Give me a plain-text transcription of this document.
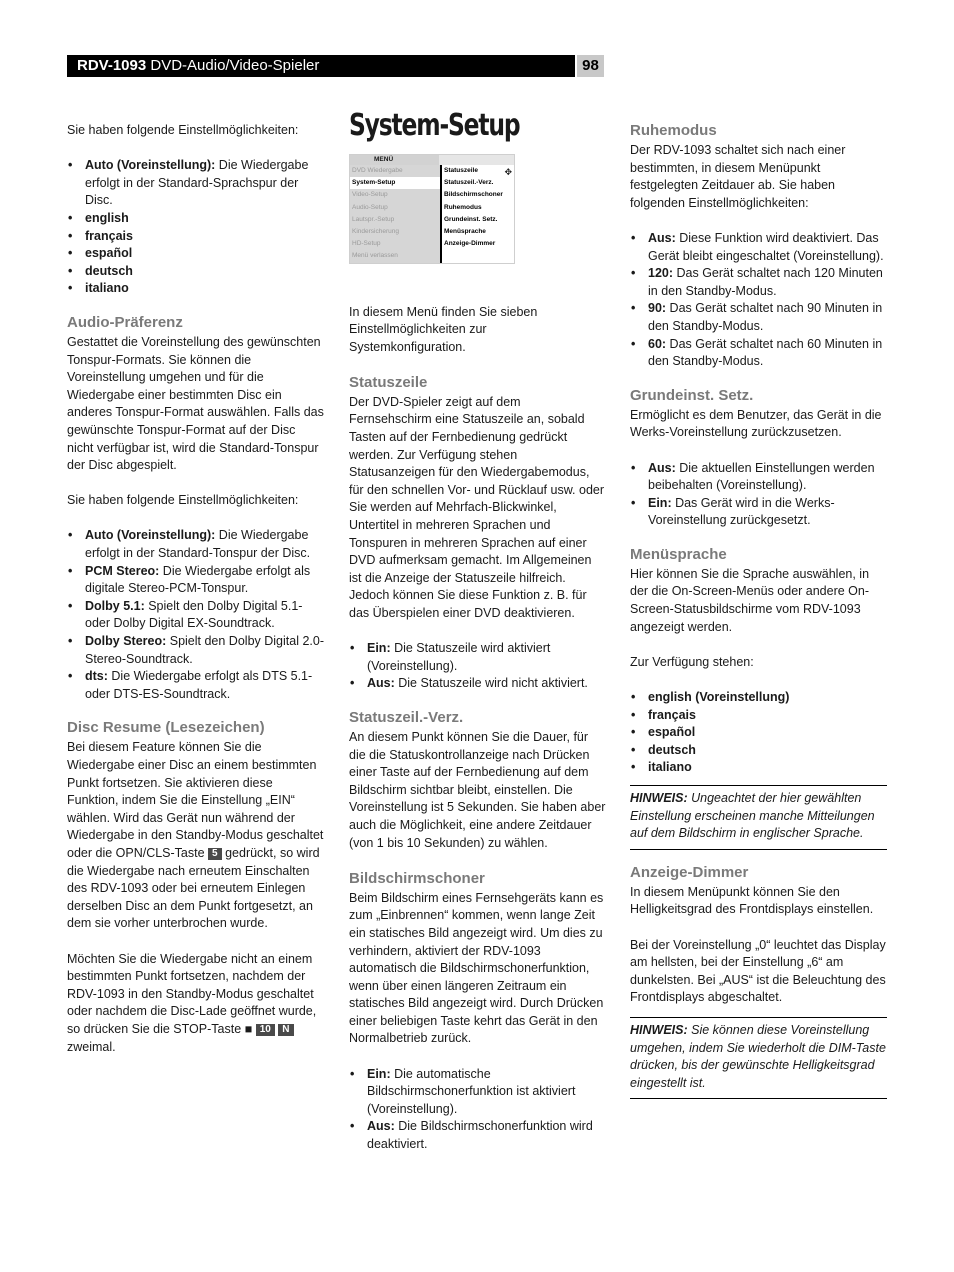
RDV-1093 DVD-Audio/Video-Spieler	98

Sie haben folgende Einstellmöglichkeiten:

• Auto (Voreinstellung): Die Wiedergabe erfolgt in der Standard-Sprachspur der Disc.
• english
• français
• español
• deutsch
• italiano
Audio-Präferenz

Gestattet die Voreinstellung des gewünschten Tonspur-Formats. Sie können die Voreinstellung umgehen und für die Wiedergabe einer bestimmten Disc ein anderes Tonspur-Format auswählen. Falls das gewünschte Tonspur-Format auf der Disc nicht verfügbar ist, wird die Standard-Tonspur der Disc abgespielt.

Sie haben folgende Einstellmöglichkeiten:

• Auto (Voreinstellung): Die Wiedergabe erfolgt in der Standard-Tonspur der Disc.
• PCM Stereo: Die Wiedergabe erfolgt als digitale Stereo-PCM-Tonspur.
• Dolby 5.1: Spielt den Dolby Digital 5.1- oder Dolby Digital EX-Soundtrack.
• Dolby Stereo: Spielt den Dolby Digital 2.0-Stereo-Soundtrack.
• dts: Die Wiedergabe erfolgt als DTS 5.1- oder DTS-ES-Soundtrack.
Disc Resume (Lesezeichen)

Bei diesem Feature können Sie die Wiedergabe einer Disc an einem bestimmten Punkt fortsetzen. Sie aktivieren diese Funktion, indem Sie die Einstellung „EIN“ wählen. Wird das Gerät nun während der Wiedergabe in den Standby-Modus geschaltet oder die OPN/CLS-Taste 5 gedrückt, so wird die Wiedergabe nach erneutem Einschalten des RDV-1093 oder bei erneutem Einlegen derselben Disc an dem Punkt fortgesetzt, an dem sie vorher unterbrochen wurde.

Möchten Sie die Wiedergabe nicht an einem bestimmten Punkt fortsetzen, nachdem der RDV-1093 in den Standby-Modus geschaltet oder nachdem die Disc-Lade geöffnet wurde, so drücken Sie die STOP-Taste ■ 10 N zweimal.

System-Setup
MENÜ
✥
DVD Wiedergabe
System-Setup
Video-Setup
Audio-Setup
Lautspr.-Setup
Kindersicherung
HD-Setup
Menü verlassen
Statuszeile
Statuszeil.-Verz.
Bildschirmschoner
Ruhemodus
Grundeinst. Setz.
Menüsprache
Anzeige-Dimmer

In diesem Menü finden Sie sieben Einstellmöglichkeiten zur Systemkonfiguration.

Statuszeile

Der DVD-Spieler zeigt auf dem Fernsehschirm eine Statuszeile an, sobald Tasten auf der Fernbedienung gedrückt werden. Zur Verfügung stehen Statusanzeigen für den Wiedergabemodus, für den schnellen Vor- und Rücklauf usw. oder Sie werden auf Mehrfach-Blickwinkel, Untertitel in mehreren Sprachen und Tonspuren in mehreren Sprachen auf einer DVD aufmerksam gemacht. Im Allgemeinen ist die Anzeige der Statuszeile hilfreich. Jedoch können Sie diese Funktion z. B. für das Überspielen einer DVD deaktivieren.

• Ein: Die Statuszeile wird aktiviert (Voreinstellung).
• Aus: Die Statuszeile wird nicht aktiviert.
Statuszeil.-Verz.

An diesem Punkt können Sie die Dauer, für die die Statuskontrollanzeige nach Drücken einer Taste auf der Fernbedienung auf dem Bildschirm sichtbar bleibt, einstellen. Die Voreinstellung ist 5 Sekunden. Sie haben aber auch die Möglichkeit, eine andere Zeitdauer (von 1 bis 10 Sekunden) zu wählen.

Bildschirmschoner

Beim Bildschirm eines Fernsehgeräts kann es zum „Einbrennen“ kommen, wenn lange Zeit ein statisches Bild angezeigt wird. Um dies zu verhindern, aktiviert der RDV-1093 automatisch die Bildschirmschonerfunktion, wenn über einen längeren Zeitraum ein statisches Bild angezeigt wird. Durch Drücken einer beliebigen Taste kehrt das Gerät in den Normalbetrieb zurück.

• Ein: Die automatische Bildschirmschonerfunktion ist aktiviert (Voreinstellung).
• Aus: Die Bildschirmschonerfunktion wird deaktiviert.
Ruhemodus

Der RDV-1093 schaltet sich nach einer bestimmten, in diesem Menüpunkt festgelegten Zeitdauer ab. Sie haben folgenden Einstellmöglichkeiten:

• Aus: Diese Funktion wird deaktiviert. Das Gerät bleibt eingeschaltet (Voreinstellung).
• 120: Das Gerät schaltet nach 120 Minuten in den Standby-Modus.
• 90: Das Gerät schaltet nach 90 Minuten in den Standby-Modus.
• 60: Das Gerät schaltet nach 60 Minuten in den Standby-Modus.
Grundeinst. Setz.

Ermöglicht es dem Benutzer, das Gerät in die Werks-Voreinstellung zurückzusetzen.

• Aus: Die aktuellen Einstellungen werden beibehalten (Voreinstellung).
• Ein: Das Gerät wird in die Werks-Voreinstellung zurückgesetzt.
Menüsprache

Hier können Sie die Sprache auswählen, in der die On-Screen-Menüs oder andere On-Screen-Statusbildschirme vom RDV-1093 angezeigt werden.

Zur Verfügung stehen:

• english (Voreinstellung)
• français
• español
• deutsch
• italiano
HINWEIS: Ungeachtet der hier gewählten Einstellung erscheinen manche Mitteilungen auf dem Bildschirm in englischer Sprache.
Anzeige-Dimmer

In diesem Menüpunkt können Sie den Helligkeitsgrad des Frontdisplays einstellen.

Bei der Voreinstellung „0“ leuchtet das Display am hellsten, bei der Einstellung „6“ am dunkelsten. Bei „AUS“ ist die Beleuchtung des Frontdisplays abgeschaltet.

HINWEIS: Sie können diese Voreinstellung umgehen, indem Sie wiederholt die DIM-Taste drücken, bis der gewünschte Helligkeitsgrad eingestellt ist.
